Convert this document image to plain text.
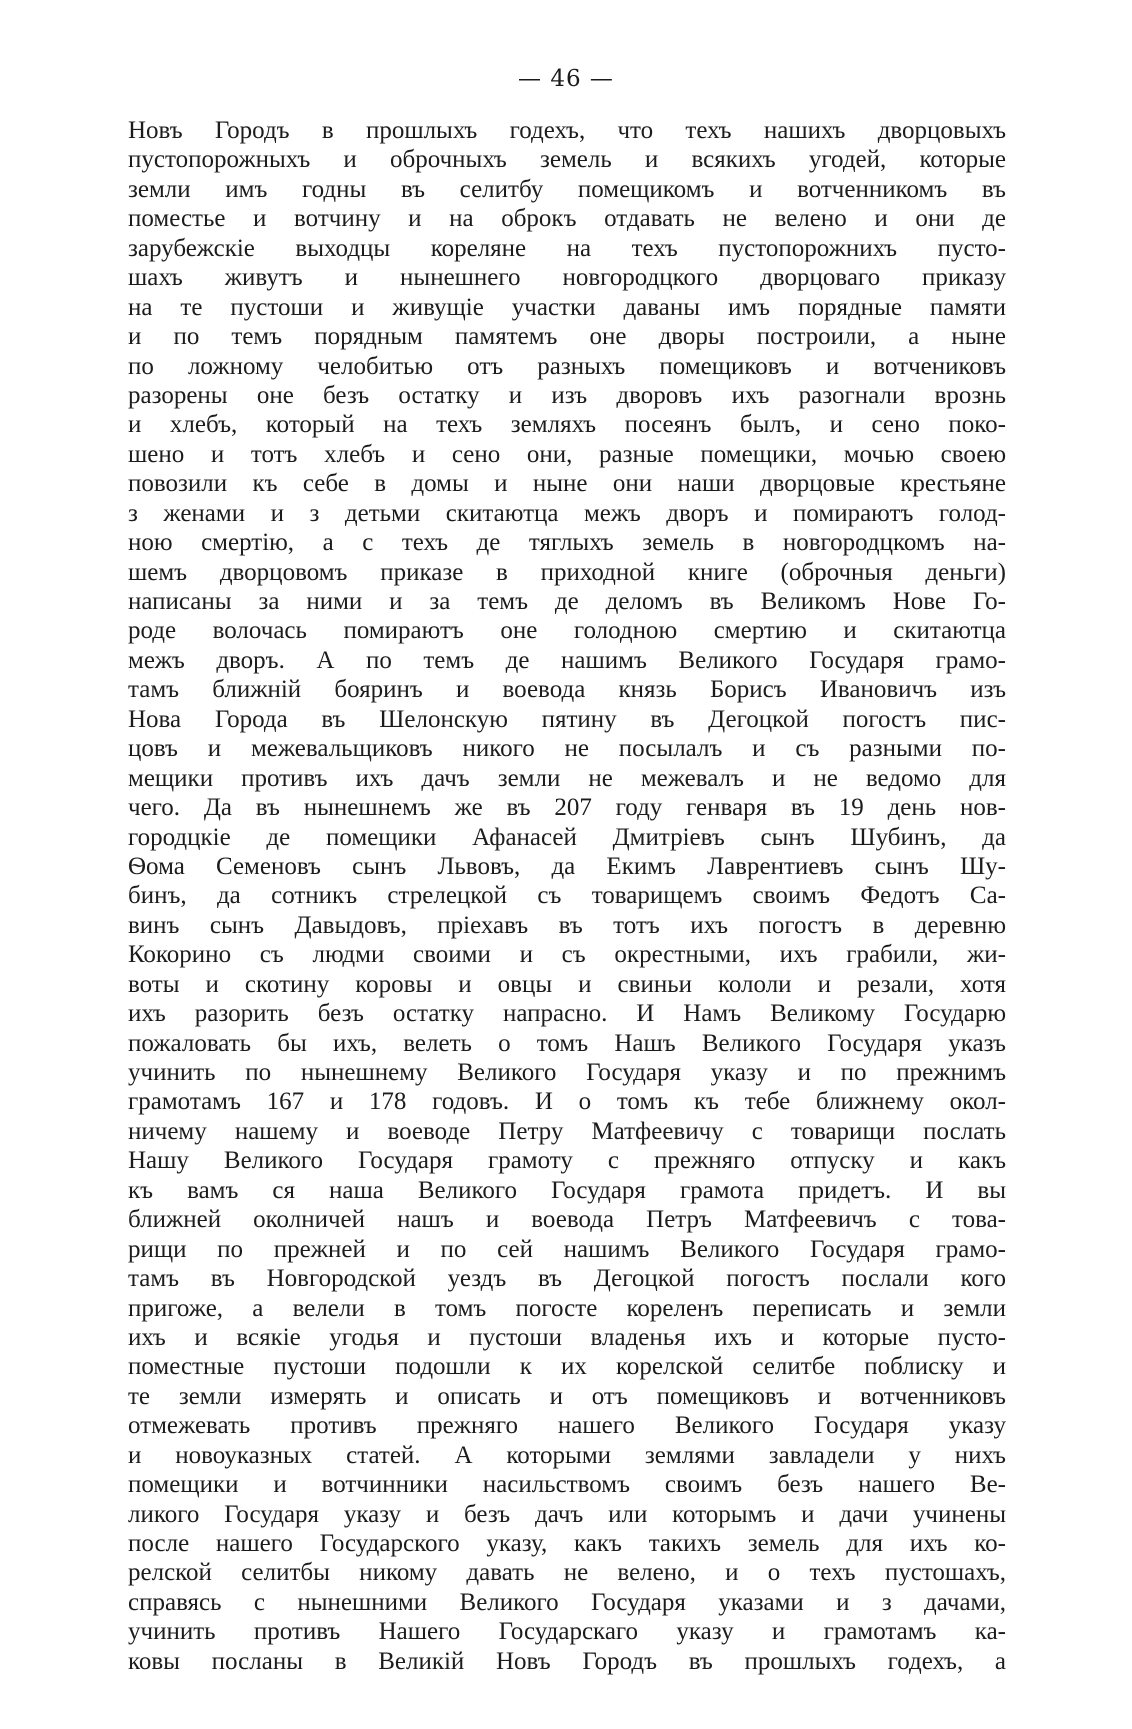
— 46 —
Новъ Городъ в прошлыхъ годехъ, что техъ нашихъ дворцовыхъ
пустопорожныхъ и оброчныхъ земель и всякихъ угодей, которые
земли имъ годны въ селитбу помещикомъ и вотченникомъ въ
поместье и вотчину и на оброкъ отдавать не велено и они де
зарубежскiе выходцы кореляне на техъ пустопорожнихъ пусто-
шахъ живутъ и нынешнего новгородцкого дворцоваго приказу
на те пустоши и живущiе участки даваны имъ порядные памяти
и по темъ порядным памятемъ оне дворы построили, а ныне
по ложному челобитью отъ разныхъ помещиковъ и вотчениковъ
разорены оне безъ остатку и изъ дворовъ ихъ разогнали врознь
и хлебъ, который на техъ земляхъ посеянъ былъ, и сено поко-
шено и тотъ хлебъ и сено они, разные помещики, мочью своею
повозили къ себе в домы и ныне они наши дворцовые крестьяне
з женами и з детьми скитаютца межъ дворъ и помираютъ голод-
ною смертiю, а с техъ де тяглыхъ земель в новгородцкомъ на-
шемъ дворцовомъ приказе в приходной книге (оброчныя деньги)
написаны за ними и за темъ де деломъ въ Великомъ Нове Го-
роде волочась помираютъ оне голодною смертию и скитаютца
межъ дворъ. А по темъ де нашимъ Великого Государя грамо-
тамъ ближнiй бояринъ и воевода князь Борисъ Ивановичъ изъ
Нова Города въ Шелонскую пятину въ Дегоцкой погостъ пис-
цовъ и межевальщиковъ никого не посылалъ и съ разными по-
мещики противъ ихъ дачъ земли не межевалъ и не ведомо для
чего. Да въ нынешнемъ же въ 207 году генваря въ 19 день нов-
городцкiе де помещики Афанасей Дмитрiевъ сынъ Шубинъ, да
Ѳома Семеновъ сынъ Львовъ, да Екимъ Лаврентиевъ сынъ Шу-
бинъ, да сотникъ стрелецкой съ товарищемъ своимъ Федотъ Са-
винъ сынъ Давыдовъ, прiехавъ въ тотъ ихъ погостъ в деревню
Кокорино съ людми своими и съ окрестными, ихъ грабили, жи-
воты и скотину коровы и овцы и свиньи кололи и резали, хотя
ихъ разорить безъ остатку напрасно. И Намъ Великому Государю
пожаловать бы ихъ, велеть о томъ Нашъ Великого Государя указъ
учинить по нынешнему Великого Государя указу и по прежнимъ
грамотамъ 167 и 178 годовъ. И о томъ къ тебе ближнему окол-
ничему нашему и воеводе Петру Матфеевичу с товарищи послать
Нашу Великого Государя грамоту с прежняго отпуску и какъ
къ вамъ ся наша Великого Государя грамота придетъ. И вы
ближней околничей нашъ и воевода Петръ Матфеевичъ с това-
рищи по прежней и по сей нашимъ Великого Государя грамо-
тамъ въ Новгородской уездъ въ Дегоцкой погостъ послали кого
пригоже, а велели в томъ погосте кореленъ переписать и земли
ихъ и всякiе угодья и пустоши владенья ихъ и которые пусто-
поместные пустоши подошли к их корелской селитбе поблиску и
те земли измерять и описать и отъ помещиковъ и вотченниковъ
отмежевать противъ прежняго нашего Великого Государя указу
и новоуказных статей. А которыми землями завладели у нихъ
помещики и вотчинники насильствомъ своимъ безъ нашего Ве-
ликого Государя указу и безъ дачъ или которымъ и дачи учинены
после нашего Государского указу, какъ такихъ земель для ихъ ко-
релской селитбы никому давать не велено, и о техъ пустошахъ,
справясь с нынешними Великого Государя указами и з дачами,
учинить противъ Нашего Государскаго указу и грамотамъ ка-
ковы посланы в Великiй Новъ Городъ въ прошлыхъ годехъ, а
